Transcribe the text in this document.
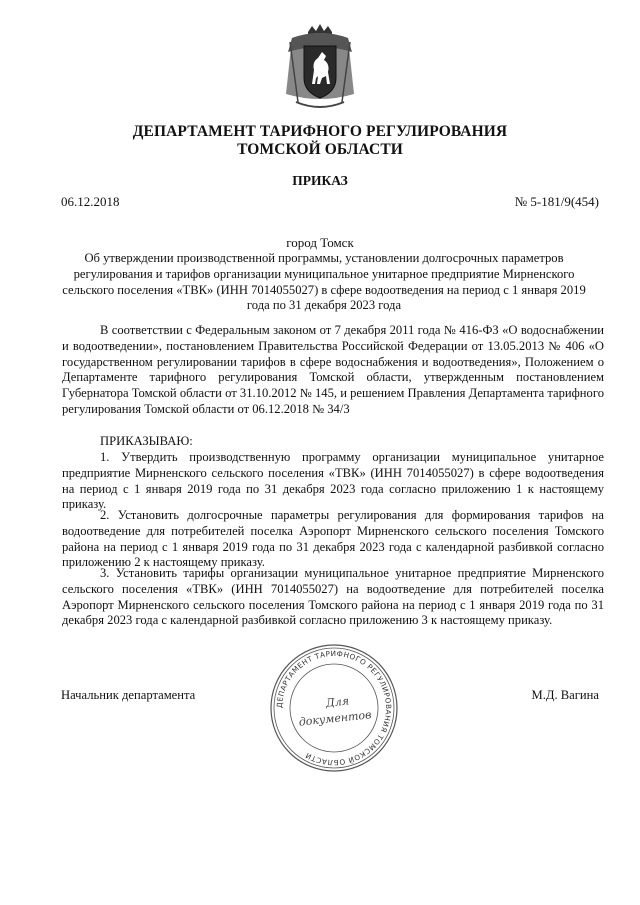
ДЕПАРТАМЕНТ ТАРИФНОГО РЕГУЛИРОВАНИЯ
ТОМСКОЙ ОБЛАСТИ
ПРИКАЗ
06.12.2018	№ 5-181/9(454)
город Томск
Об утверждении производственной программы, установлении долгосрочных параметров регулирования и тарифов организации муниципальное унитарное предприятие Мирненского сельского поселения «ТВК» (ИНН 7014055027) в сфере водоотведения на период с 1 января 2019 года по 31 декабря 2023 года

В соответствии с Федеральным законом от 7 декабря 2011 года № 416-ФЗ «О водоснабжении и водоотведении», постановлением Правительства Российской Федерации от 13.05.2013 № 406 «О государственном регулировании тарифов в сфере водоснабжения и водоотведения», Положением о Департаменте тарифного регулирования Томской области, утвержденным постановлением Губернатора Томской области от 31.10.2012 № 145, и решением Правления Департамента тарифного регулирования Томской области от 06.12.2018 № 34/3

ПРИКАЗЫВАЮ:

1. Утвердить производственную программу организации муниципальное унитарное предприятие Мирненского сельского поселения «ТВК» (ИНН 7014055027) в сфере водоотведения на период с 1 января 2019 года по 31 декабря 2023 года согласно приложению 1 к настоящему приказу.

2. Установить долгосрочные параметры регулирования для формирования тарифов на водоотведение для потребителей поселка Аэропорт Мирненского сельского поселения Томского района на период с 1 января 2019 года по 31 декабря 2023 года с календарной разбивкой согласно приложению 2 к настоящему приказу.

3. Установить тарифы организации муниципальное унитарное предприятие Мирненского сельского поселения «ТВК» (ИНН 7014055027) на водоотведение для потребителей поселка Аэропорт Мирненского сельского поселения Томского района на период с 1 января 2019 года по 31 декабря 2023 года с календарной разбивкой согласно приложению 3 к настоящему приказу.

Начальник департамента	М.Д. Вагина
ДЕПАРТАМЕНТ ТАРИФНОГО РЕГУЛИРОВАНИЯ ТОМСКОЙ ОБЛАСТИ
Для
документов
